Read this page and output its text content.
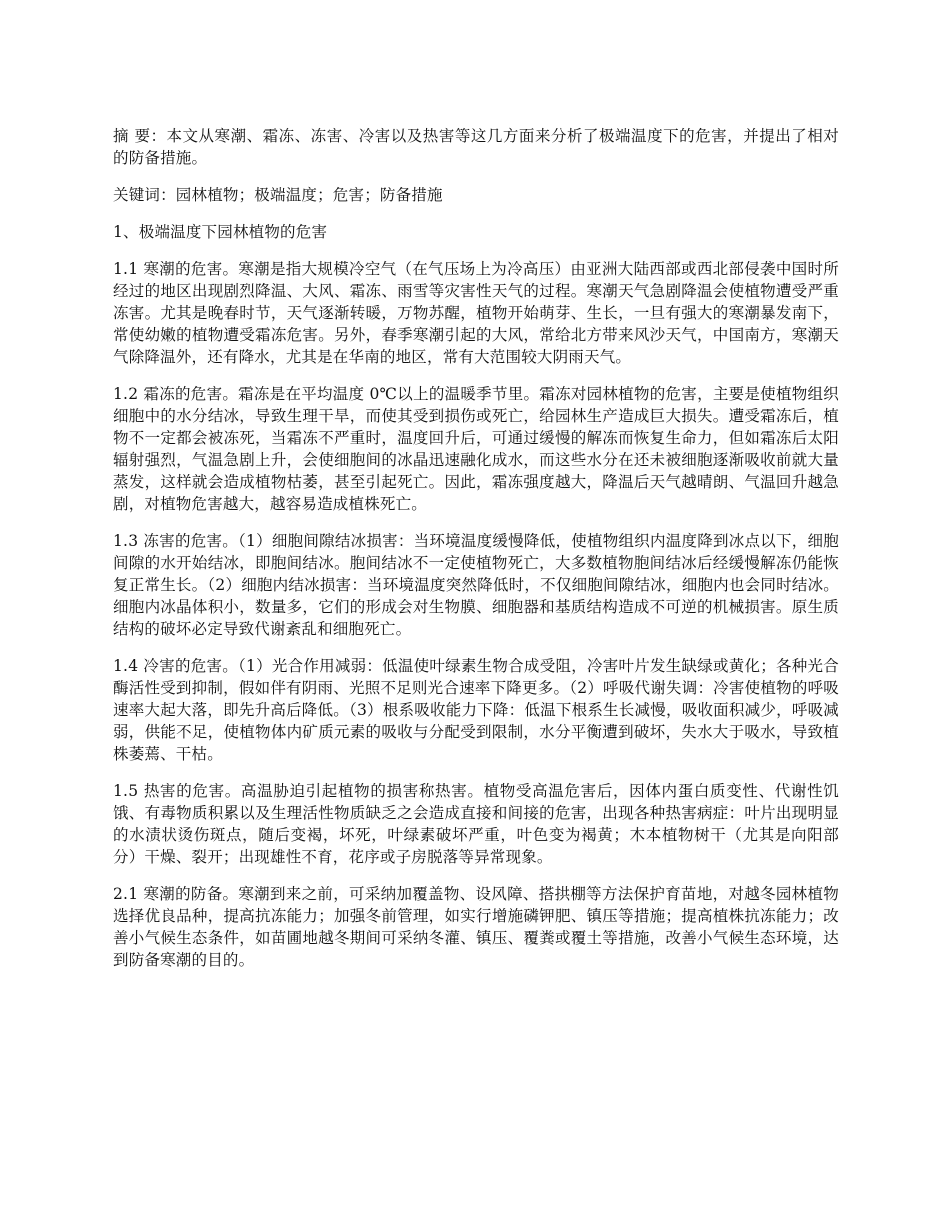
摘 要：本文从寒潮、霜冻、冻害、冷害以及热害等这几方面来分析了极端温度下的危害，并提出了相对的防备措施。

关键词：园林植物；极端温度；危害；防备措施

1、极端温度下园林植物的危害

1.1 寒潮的危害。寒潮是指大规模冷空气（在气压场上为冷高压）由亚洲大陆西部或西北部侵袭中国时所经过的地区出现剧烈降温、大风、霜冻、雨雪等灾害性天气的过程。寒潮天气急剧降温会使植物遭受严重冻害。尤其是晚春时节，天气逐渐转暖，万物苏醒，植物开始萌芽、生长，一旦有强大的寒潮暴发南下，常使幼嫩的植物遭受霜冻危害。另外，春季寒潮引起的大风，常给北方带来风沙天气，中国南方，寒潮天气除降温外，还有降水，尤其是在华南的地区，常有大范围较大阴雨天气。

1.2 霜冻的危害。霜冻是在平均温度 0℃以上的温暖季节里。霜冻对园林植物的危害，主要是使植物组织细胞中的水分结冰，导致生理干旱，而使其受到损伤或死亡，给园林生产造成巨大损失。遭受霜冻后，植物不一定都会被冻死，当霜冻不严重时，温度回升后，可通过缓慢的解冻而恢复生命力，但如霜冻后太阳辐射强烈，气温急剧上升，会使细胞间的冰晶迅速融化成水，而这些水分在还未被细胞逐渐吸收前就大量蒸发，这样就会造成植物枯萎，甚至引起死亡。因此，霜冻强度越大，降温后天气越晴朗、气温回升越急剧，对植物危害越大，越容易造成植株死亡。

1.3 冻害的危害。（1）细胞间隙结冰损害：当环境温度缓慢降低，使植物组织内温度降到冰点以下，细胞间隙的水开始结冰，即胞间结冰。胞间结冰不一定使植物死亡，大多数植物胞间结冰后经缓慢解冻仍能恢复正常生长。（2）细胞内结冰损害：当环境温度突然降低时，不仅细胞间隙结冰，细胞内也会同时结冰。细胞内冰晶体积小，数量多，它们的形成会对生物膜、细胞器和基质结构造成不可逆的机械损害。原生质结构的破坏必定导致代谢紊乱和细胞死亡。

1.4 冷害的危害。（1）光合作用减弱：低温使叶绿素生物合成受阻，冷害叶片发生缺绿或黄化；各种光合酶活性受到抑制，假如伴有阴雨、光照不足则光合速率下降更多。（2）呼吸代谢失调：冷害使植物的呼吸速率大起大落，即先升高后降低。（3）根系吸收能力下降：低温下根系生长减慢，吸收面积减少，呼吸减弱，供能不足，使植物体内矿质元素的吸收与分配受到限制，水分平衡遭到破坏，失水大于吸水，导致植株萎蔫、干枯。

1.5 热害的危害。高温胁迫引起植物的损害称热害。植物受高温危害后，因体内蛋白质变性、代谢性饥饿、有毒物质积累以及生理活性物质缺乏之会造成直接和间接的危害，出现各种热害病症：叶片出现明显的水渍状烫伤斑点，随后变褐，坏死，叶绿素破坏严重，叶色变为褐黄；木本植物树干（尤其是向阳部分）干燥、裂开；出现雄性不育，花序或子房脱落等异常现象。

2.1 寒潮的防备。寒潮到来之前，可采纳加覆盖物、设风障、搭拱棚等方法保护育苗地，对越冬园林植物选择优良品种，提高抗冻能力；加强冬前管理，如实行增施磷钾肥、镇压等措施；提高植株抗冻能力；改善小气候生态条件，如苗圃地越冬期间可采纳冬灌、镇压、覆粪或覆土等措施，改善小气候生态环境，达到防备寒潮的目的。
